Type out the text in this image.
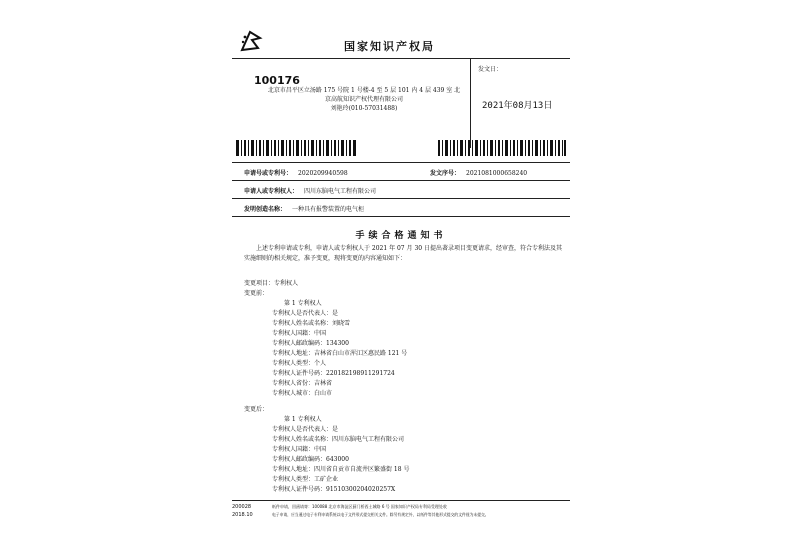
国家知识产权局
100176
北京市昌平区立汤路 175 号院 1 号楼-4 至 5 层 101 内 4 层 439 室 北
京高航知识产权代理有限公司
刘艳玲(010-57031488)
发文日：
2021年08月13日
申请号或专利号： 2020209940598	发文序号： 2021081000658240
申请人或专利权人： 四川东脑电气工程有限公司
发明创造名称： 一种具有报警装置的电气柜
手续合格通知书
上述专利申请或专利，申请人或专利权人于 2021 年 07 月 30 日提出著录项目变更请求，经审查，符合专利法及其实施细则的相关规定，准予变更，现将变更的内容通知如下：
变更项目：专利权人
变更前：
第 1 专利权人
专利权人是否代表人：是
专利权人姓名或名称：刘晓雪
专利权人国籍：中国
专利权人邮政编码：134300
专利权人地址：吉林省白山市浑江区惠民路 121 号
专利权人类型：个人
专利权人证件号码：220182198911291724
专利权人省份：吉林省
专利权人城市：白山市
变更后：
第 1 专利权人
专利权人是否代表人：是
专利权人姓名或名称：四川东脑电气工程有限公司
专利权人国籍：中国
专利权人邮政编码：643000
专利权人地址：四川省自贡市自流井区繁盛街 18 号
专利权人类型：工矿企业
专利权人证件号码：91510300204020257X
200028
2018.10
纸件申请，回函请寄：100088 北京市海淀区蓟门桥西土城路 6 号 国家知识产权局专利局受理处收
电子申请，应当通过电子专利申请系统以电子文件形式提交相关文件。除另有规定外，以纸件等其他形式提交的文件视为未提交。
